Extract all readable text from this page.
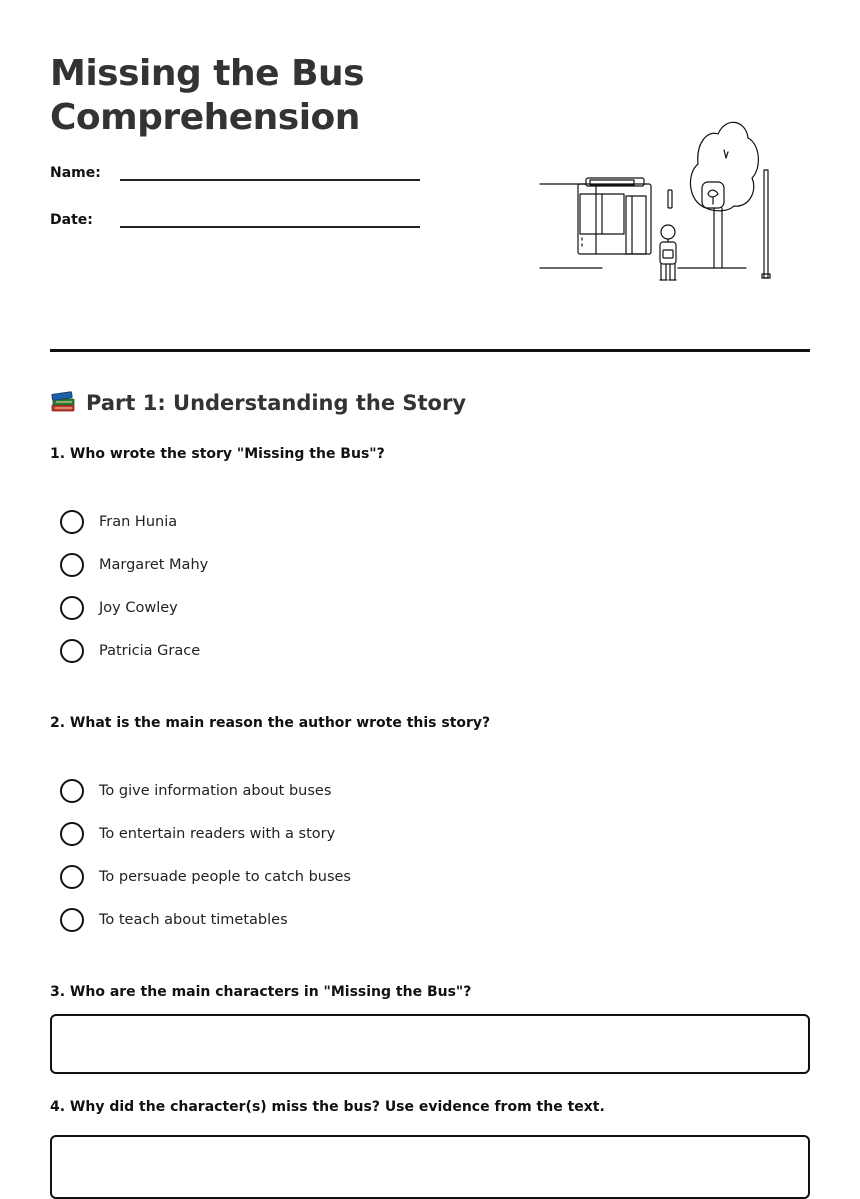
Missing the Bus Comprehension
Name:
Date:
Part 1: Understanding the Story

1. Who wrote the story "Missing the Bus"?

Fran Hunia
Margaret Mahy
Joy Cowley
Patricia Grace

2. What is the main reason the author wrote this story?

To give information about buses
To entertain readers with a story
To persuade people to catch buses
To teach about timetables

3. Who are the main characters in "Missing the Bus"?

4. Why did the character(s) miss the bus? Use evidence from the text.
